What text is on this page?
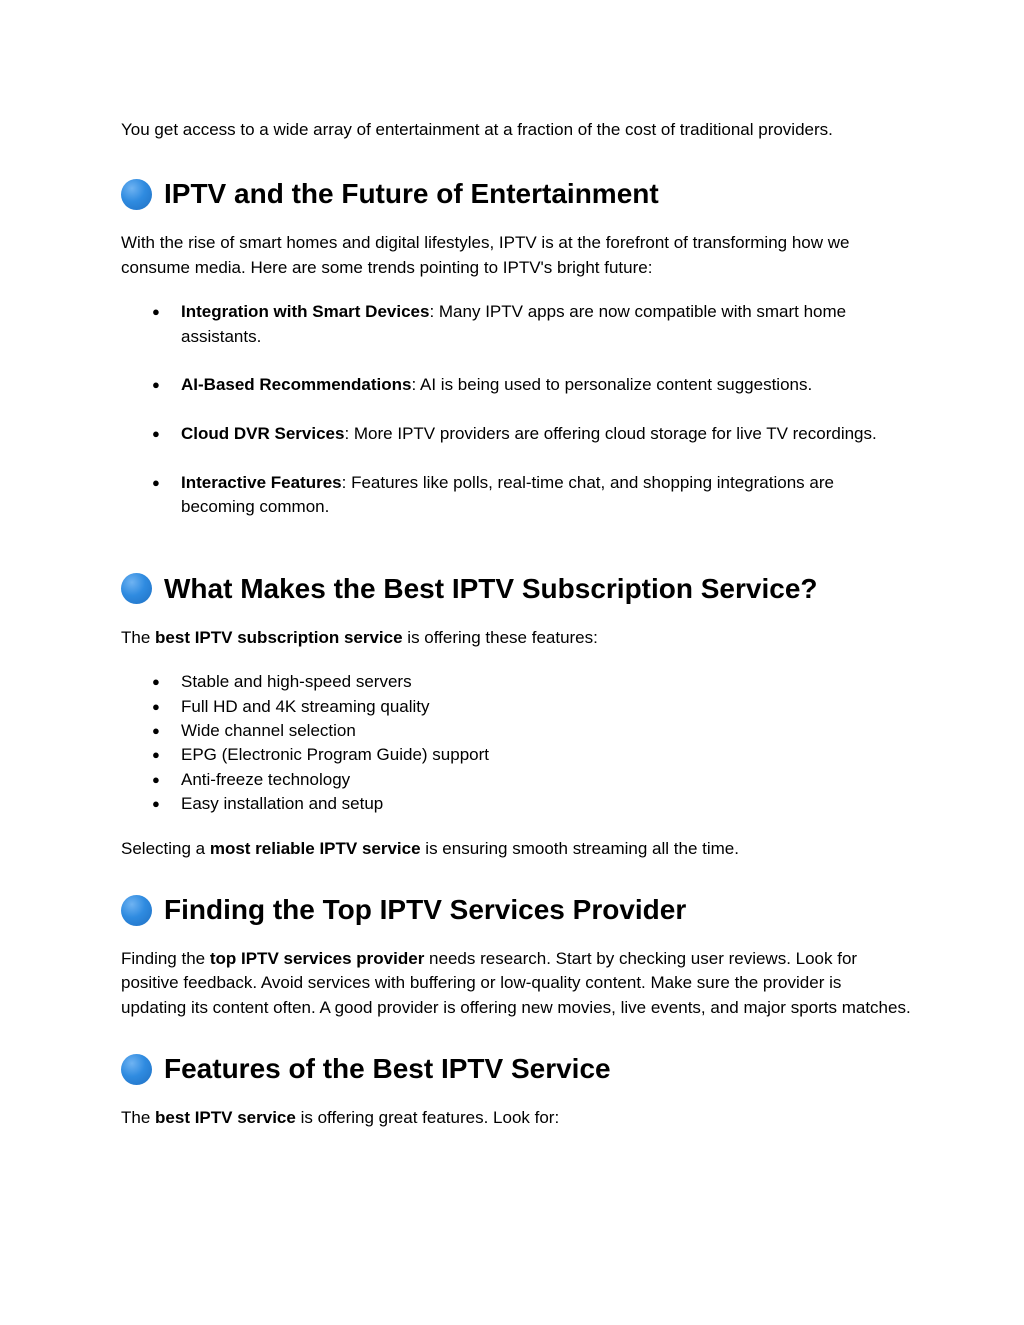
You get access to a wide array of entertainment at a fraction of the cost of traditional providers.

IPTV and the Future of Entertainment

With the rise of smart homes and digital lifestyles, IPTV is at the forefront of transforming how we consume media. Here are some trends pointing to IPTV's bright future:

● Integration with Smart Devices: Many IPTV apps are now compatible with smart home assistants.
● AI-Based Recommendations: AI is being used to personalize content suggestions.
● Cloud DVR Services: More IPTV providers are offering cloud storage for live TV recordings.
● Interactive Features: Features like polls, real-time chat, and shopping integrations are becoming common.
What Makes the Best IPTV Subscription Service?

The best IPTV subscription service is offering these features:

● Stable and high-speed servers
● Full HD and 4K streaming quality
● Wide channel selection
● EPG (Electronic Program Guide) support
● Anti-freeze technology
● Easy installation and setup

Selecting a most reliable IPTV service is ensuring smooth streaming all the time.

Finding the Top IPTV Services Provider

Finding the top IPTV services provider needs research. Start by checking user reviews. Look for positive feedback. Avoid services with buffering or low-quality content. Make sure the provider is updating its content often. A good provider is offering new movies, live events, and major sports matches.

Features of the Best IPTV Service

The best IPTV service is offering great features. Look for:
